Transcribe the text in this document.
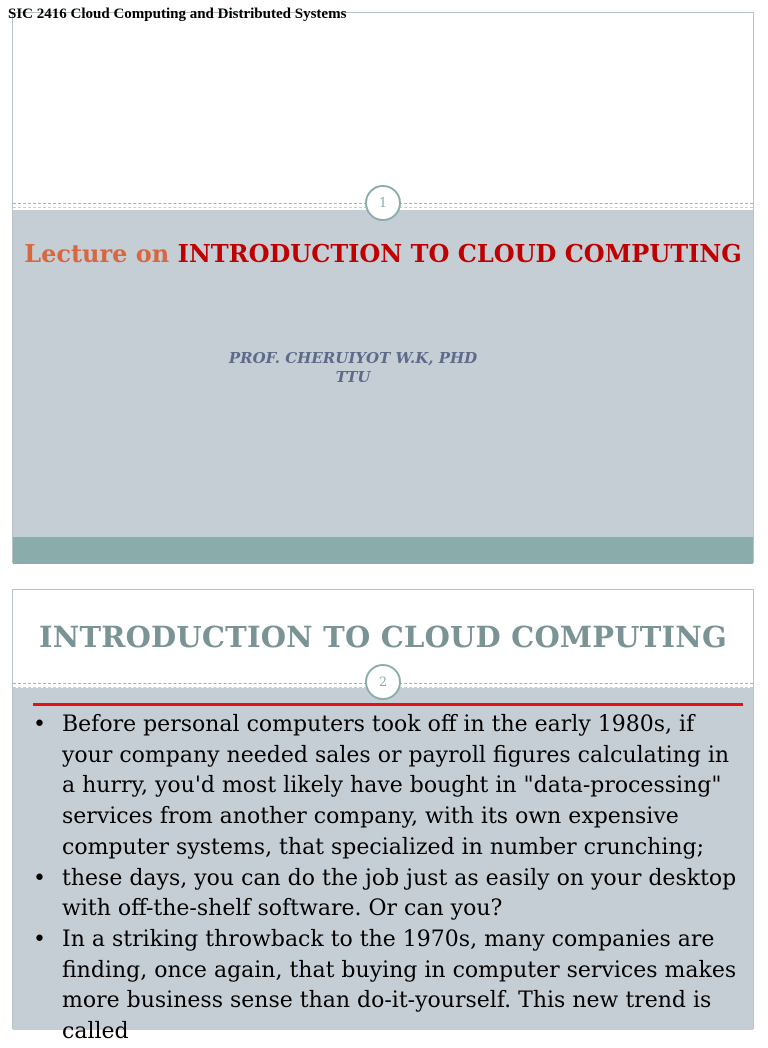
SIC 2416 Cloud Computing and Distributed Systems
1
Lecture on INTRODUCTION TO CLOUD COMPUTING
PROF. CHERUIYOT W.K, PHD
TTU
INTRODUCTION TO CLOUD COMPUTING
2
• Before personal computers took off in the early 1980s, if your company needed sales or payroll figures calculating in a hurry, you'd most likely have bought in "data-processing" services from another company, with its own expensive computer systems, that specialized in number crunching;
• these days, you can do the job just as easily on your desktop with off-the-shelf software. Or can you?
• In a striking throwback to the 1970s, many companies are finding, once again, that buying in computer services makes more business sense than do-it-yourself. This new trend is called
